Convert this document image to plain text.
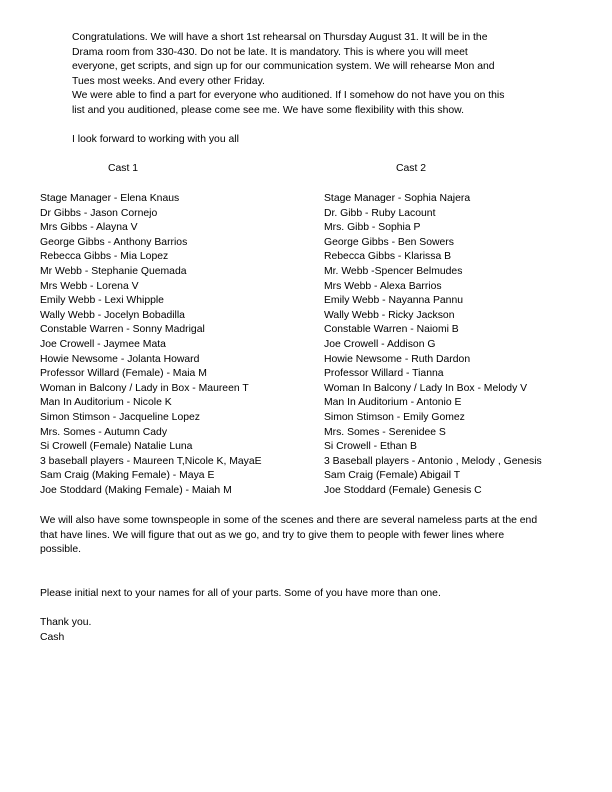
Congratulations. We will have a short 1st rehearsal on Thursday August 31. It will be in the

Drama room from 330-430. Do not be late. It is mandatory. This is where you will meet

everyone, get scripts, and sign up for our communication system. We will rehearse Mon and

Tues most weeks. And every other Friday.

We were able to find a part for everyone who auditioned. If I somehow do not have you on this

list and you auditioned, please come see me. We have some flexibility with this show.

I look forward to working with you all

Cast 1	Cast 2
Stage Manager - Elena Knaus
Dr Gibbs - Jason Cornejo
Mrs Gibbs - Alayna V
George Gibbs - Anthony Barrios
Rebecca Gibbs - Mia Lopez
Mr Webb - Stephanie Quemada
Mrs Webb - Lorena V
Emily Webb - Lexi Whipple
Wally Webb - Jocelyn Bobadilla
Constable Warren - Sonny Madrigal
Joe Crowell - Jaymee Mata
Howie Newsome - Jolanta Howard
Professor Willard (Female) - Maia M
Woman in Balcony / Lady in Box - Maureen T
Man In Auditorium - Nicole K
Simon Stimson - Jacqueline Lopez
Mrs. Somes - Autumn Cady
Si Crowell (Female) Natalie Luna
3 baseball players - Maureen T,Nicole K, MayaE
Sam Craig (Making Female) - Maya E
Joe Stoddard (Making Female) - Maiah M
Stage Manager - Sophia Najera
Dr. Gibb - Ruby Lacount
Mrs. Gibb - Sophia P
George Gibbs - Ben Sowers
Rebecca Gibbs - Klarissa B
Mr. Webb -Spencer Belmudes
Mrs Webb - Alexa Barrios
Emily Webb - Nayanna Pannu
Wally Webb - Ricky Jackson
Constable Warren - Naiomi B
Joe Crowell - Addison G
Howie Newsome - Ruth Dardon
Professor Willard - Tianna
Woman In Balcony / Lady In Box - Melody V
Man In Auditorium - Antonio E
Simon Stimson - Emily Gomez
Mrs. Somes - Serenidee S
Si Crowell - Ethan B
3 Baseball players - Antonio , Melody , Genesis
Sam Craig (Female) Abigail T
Joe Stoddard (Female) Genesis C

We will also have some townspeople in some of the scenes and there are several nameless parts at the end

that have lines. We will figure that out as we go, and try to give them to people with fewer lines where

possible.

Please initial next to your names for all of your parts. Some of you have more than one.

Thank you.

Cash
